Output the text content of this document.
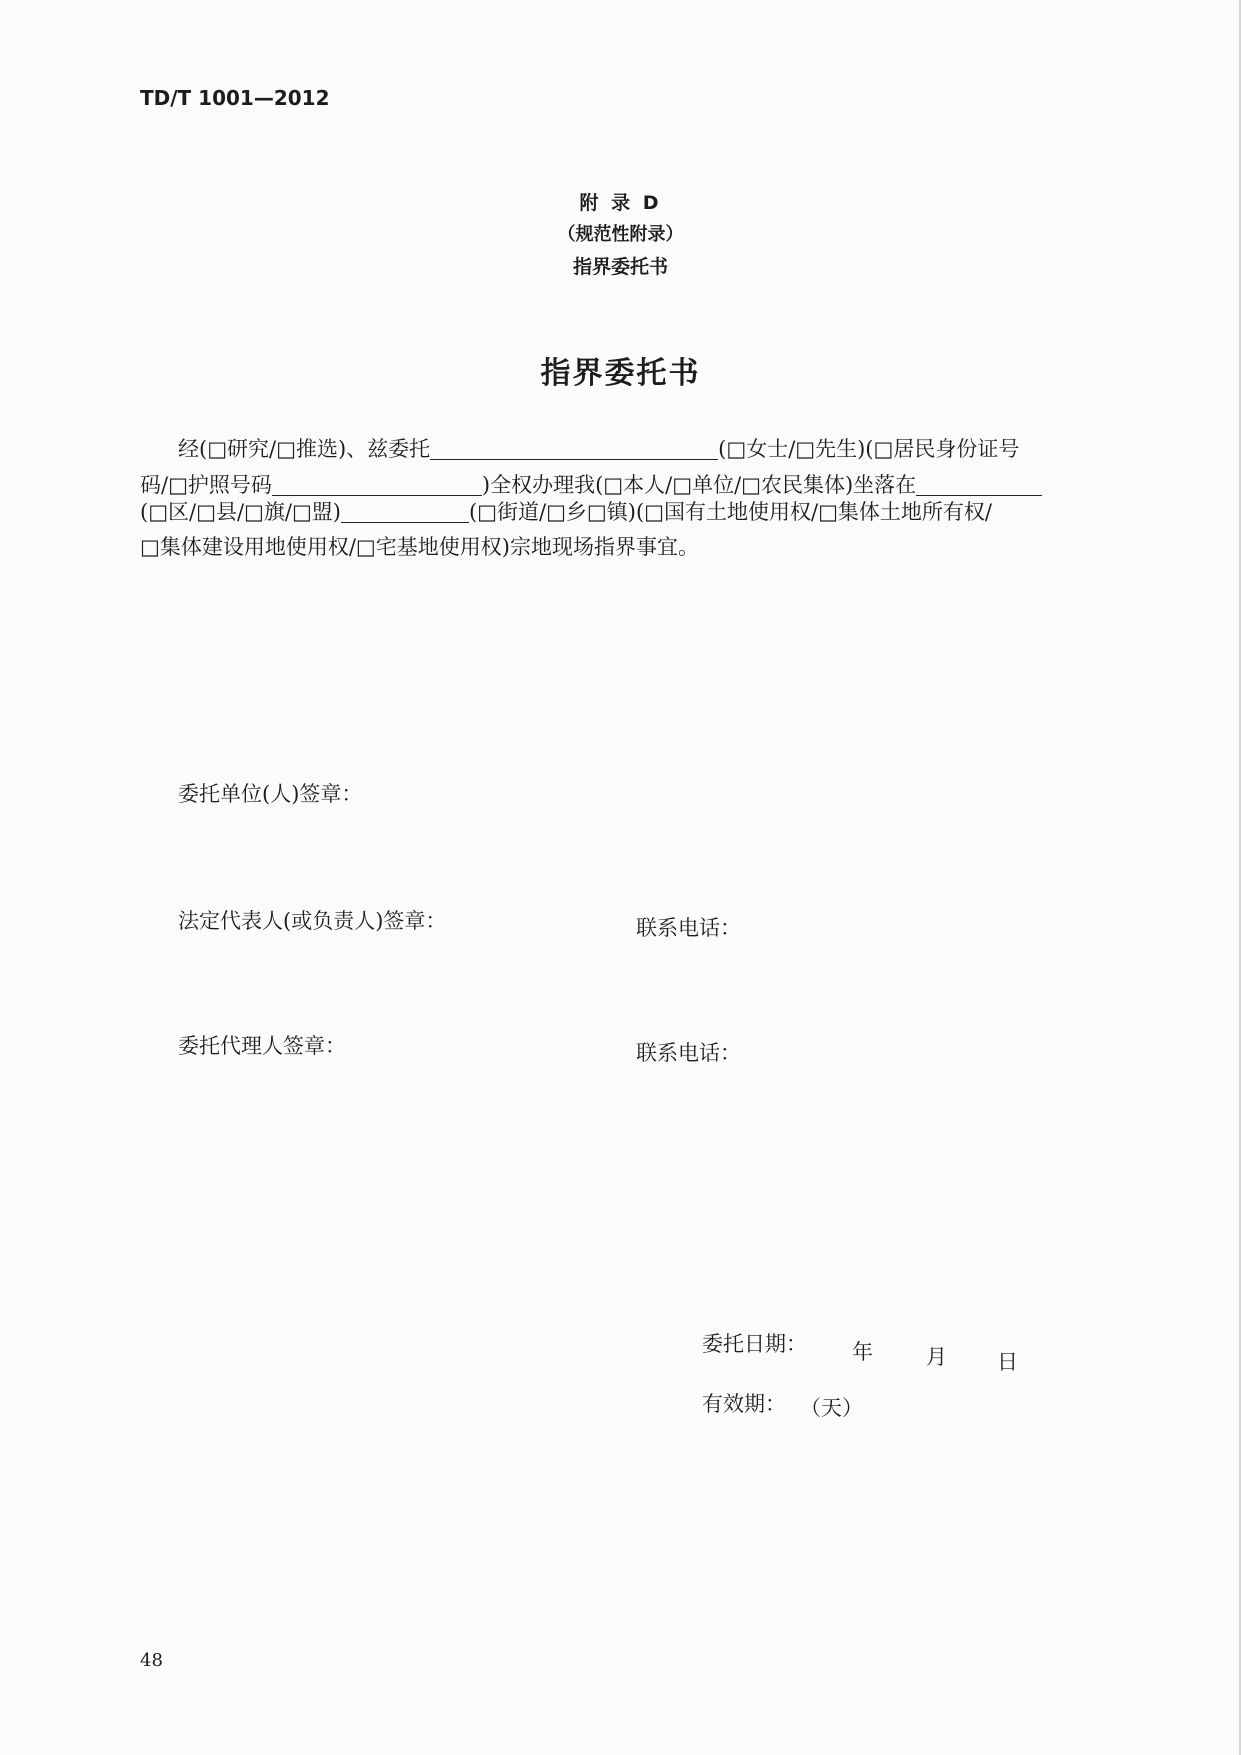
TD/T 1001—2012
附 录 D
（规范性附录）
指界委托书
指界委托书
经(□研究/□推选)、兹委托	(□女士/□先生)(□居民身份证号
码/□护照号码	)全权办理我(□本人/□单位/□农民集体)坐落在
(□区/□县/□旗/□盟)	(□街道/□乡□镇)(□国有土地使用权/□集体土地所有权/
□集体建设用地使用权/□宅基地使用权)宗地现场指界事宜。
委托单位(人)签章：
法定代表人(或负责人)签章：	联系电话：
委托代理人签章：	联系电话：
委托日期： 年	月 日
有效期： （天）
48
